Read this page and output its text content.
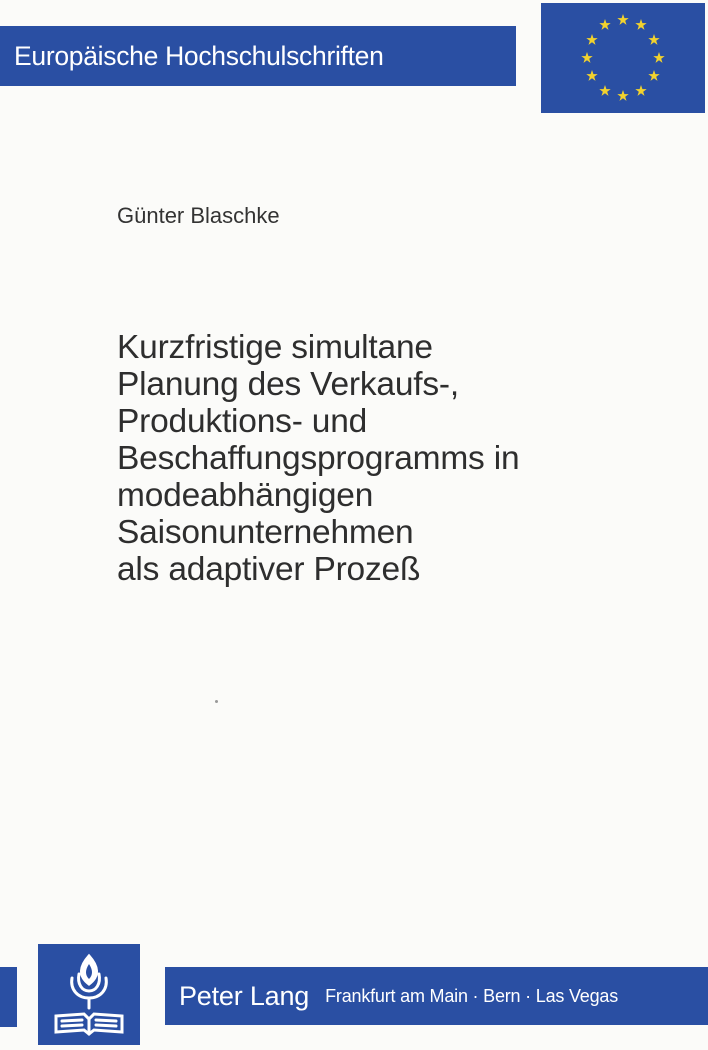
Europäische Hochschulschriften
Günter Blaschke
Kurzfristige simultane
Planung des Verkaufs-,
Produktions- und
Beschaffungsprogramms in
modeabhängigen
Saisonunternehmen
als adaptiver Prozeß
Peter Lang Frankfurt am Main · Bern · Las Vegas
